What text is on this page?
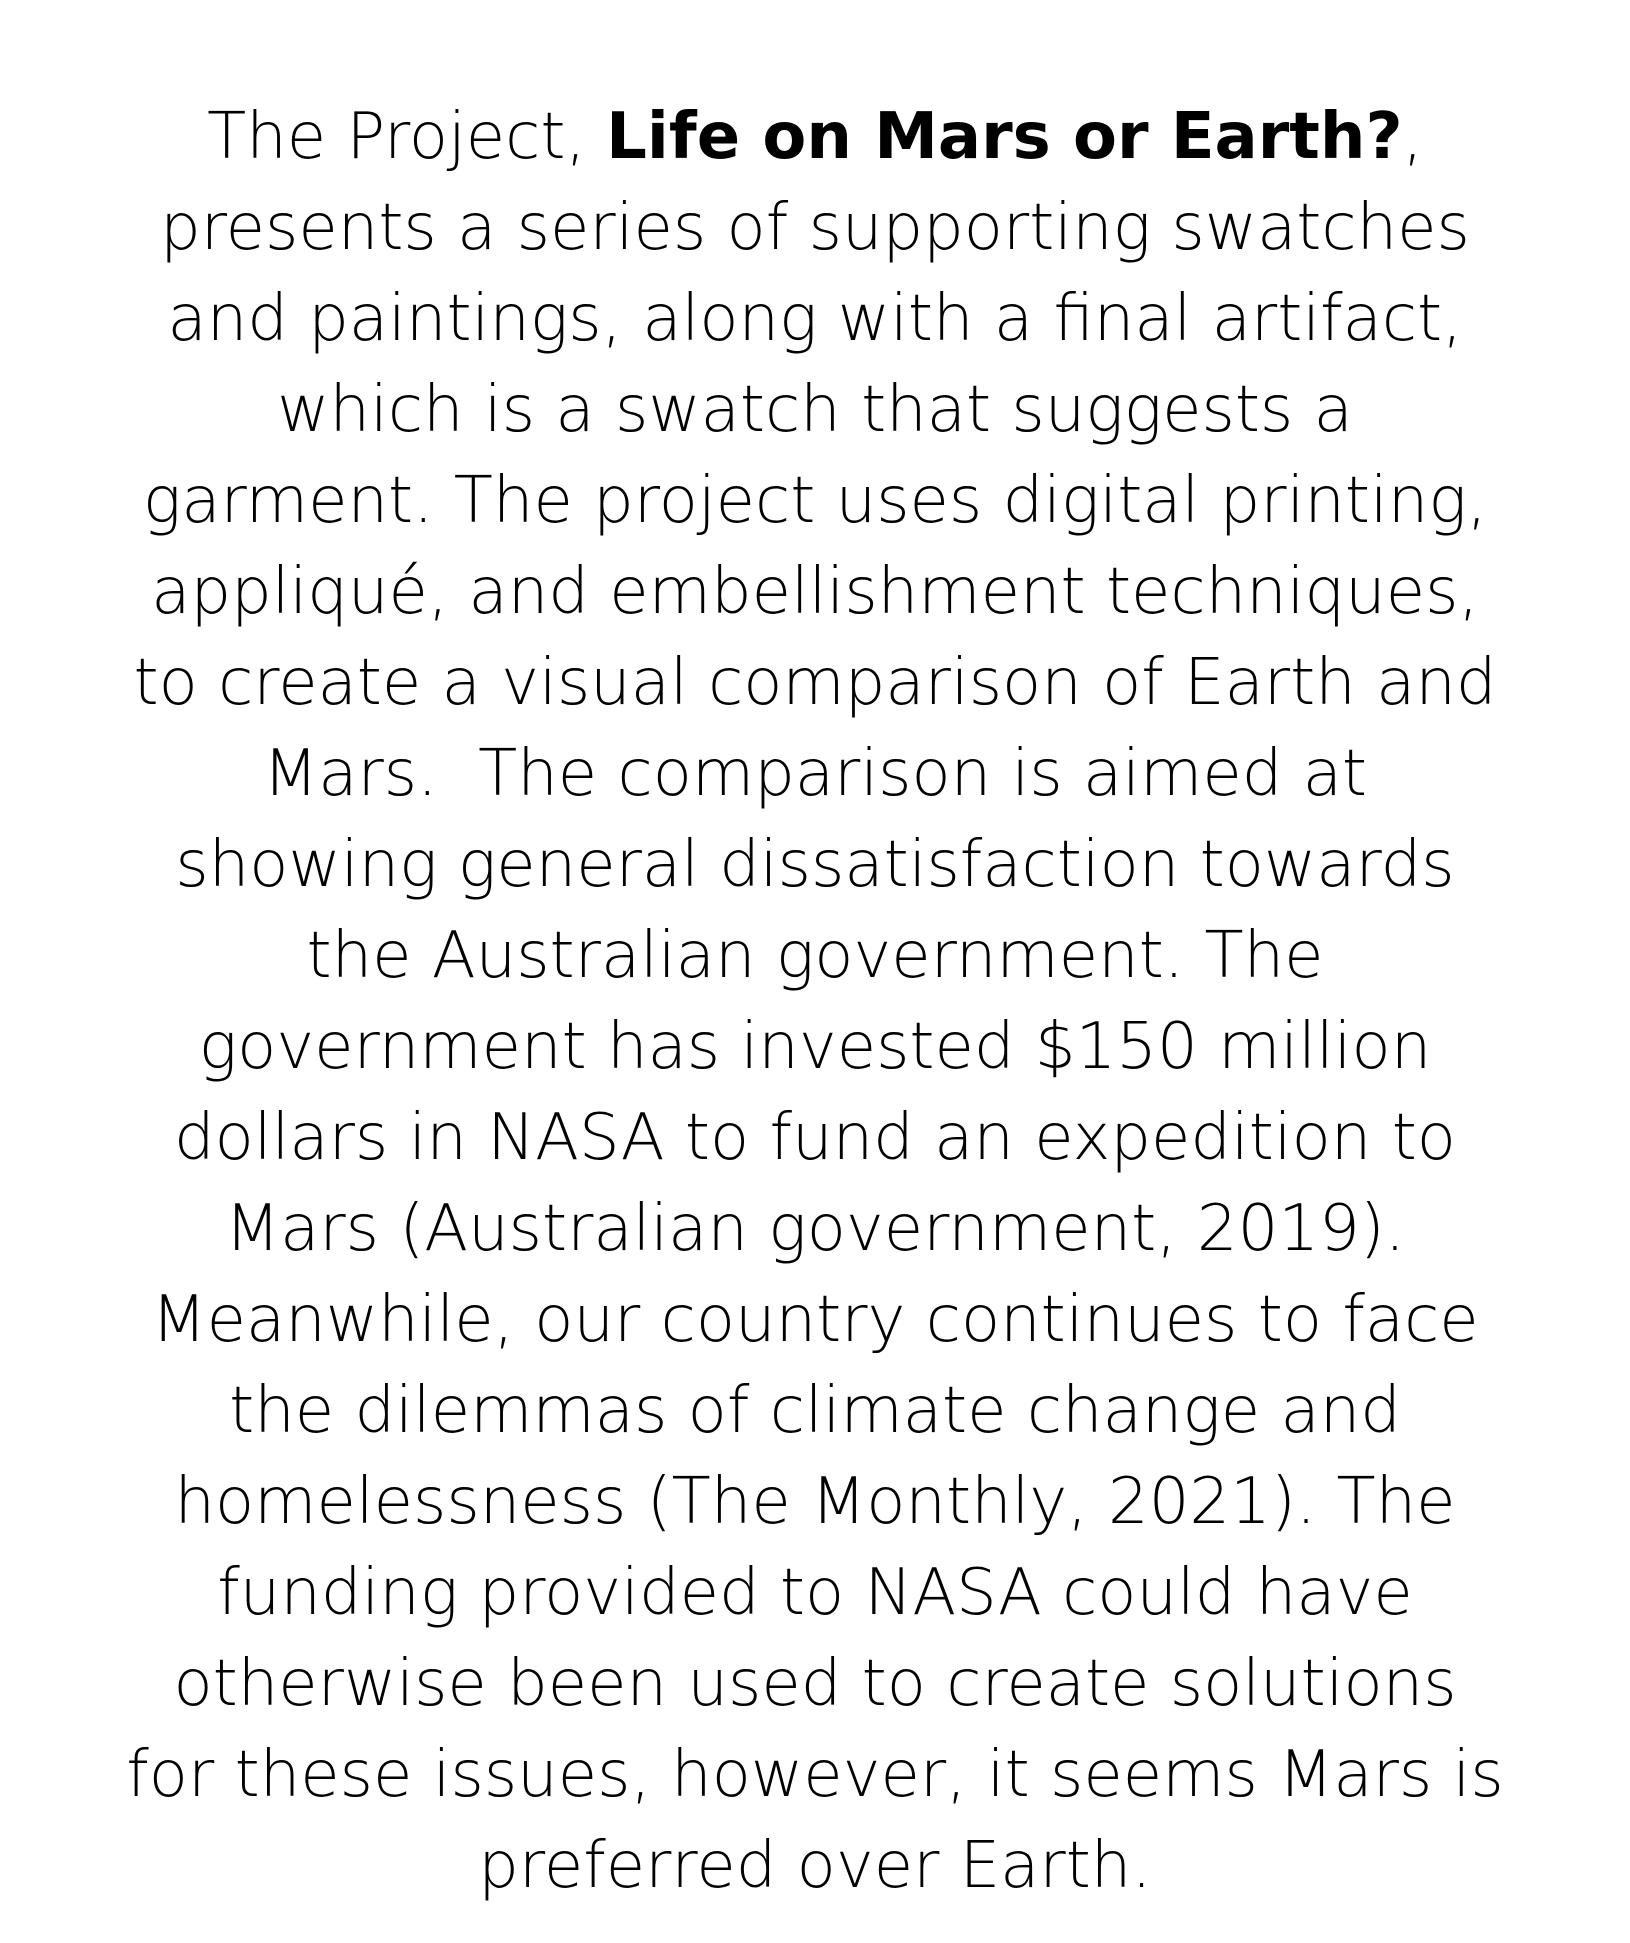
The Project, Life on Mars or Earth?,
presents a series of supporting swatches
and paintings, along with a final artifact,
which is a swatch that suggests a
garment. The project uses digital printing,
appliqué, and embellishment techniques,
to create a visual comparison of Earth and
Mars.  The comparison is aimed at
showing general dissatisfaction towards
the Australian government. The
government has invested $150 million
dollars in NASA to fund an expedition to
Mars (Australian government, 2019).
Meanwhile, our country continues to face
the dilemmas of climate change and
homelessness (The Monthly, 2021). The
funding provided to NASA could have
otherwise been used to create solutions
for these issues, however, it seems Mars is
preferred over Earth.
